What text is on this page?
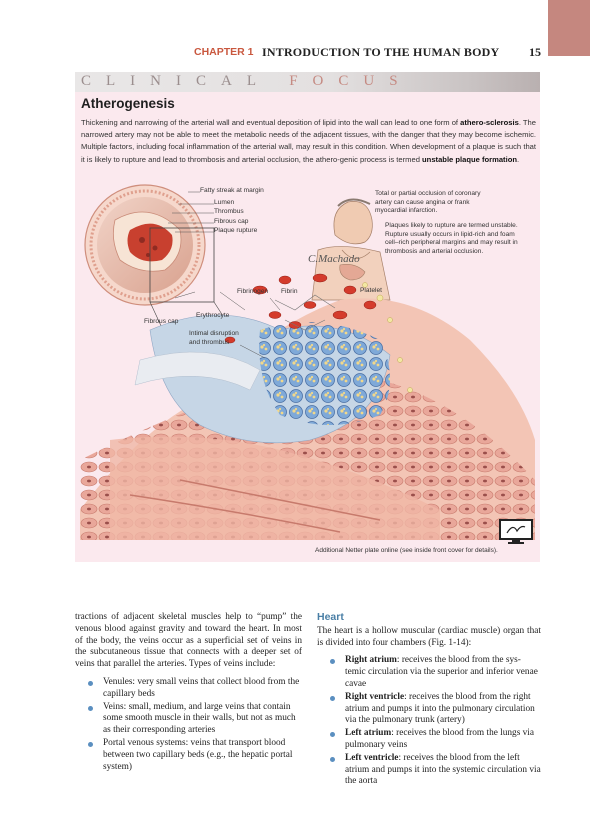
CHAPTER 1 INTRODUCTION TO THE HUMAN BODY 15
CLINICAL FOCUS
Atherogenesis
Thickening and narrowing of the arterial wall and eventual deposition of lipid into the wall can lead to one form of athero-sclerosis. The narrowed artery may not be able to meet the metabolic needs of the adjacent tissues, with the danger that they may become ischemic. Multiple factors, including focal inflammation of the arterial wall, may result in this condition. When development of a plaque is such that it is likely to rupture and lead to thrombosis and arterial occlusion, the athero-genic process is termed unstable plaque formation.
C.Machado
Fatty streak at margin
Lumen
Thrombus
Fibrous cap
Plaque rupture
Total or partial occlusion of coronary artery can cause angina or frank myocardial infarction.
Plaques likely to rupture are termed unstable. Rupture usually occurs in lipid-rich and foam cell–rich peripheral margins and may result in thrombosis and arterial occlusion.
Fibrinogen Fibrin	Platelet
Erythrocyte
Fibrous cap
Intimal disruption and thrombus
Additional Netter plate online (see inside front cover for details).

tractions of adjacent skeletal muscles help to “pump” the venous blood against gravity and toward the heart. In most of the body, the veins occur as a superficial set of veins in the subcutaneous tissue that connects with a deeper set of veins that parallel the arteries. Types of veins include:

Venules: very small veins that collect blood from the capillary beds
Veins: small, medium, and large veins that contain some smooth muscle in their walls, but not as much as their corresponding arteries
Portal venous systems: veins that transport blood between two capillary beds (e.g., the hepatic portal system)
Heart

The heart is a hollow muscular (cardiac muscle) organ that is divided into four chambers (Fig. 1-14):

Right atrium: receives the blood from the sys-temic circulation via the superior and inferior venae cavae
Right ventricle: receives the blood from the right atrium and pumps it into the pulmonary circulation via the pulmonary trunk (artery)
Left atrium: receives the blood from the lungs via pulmonary veins
Left ventricle: receives the blood from the left atrium and pumps it into the systemic circulation via the aorta
